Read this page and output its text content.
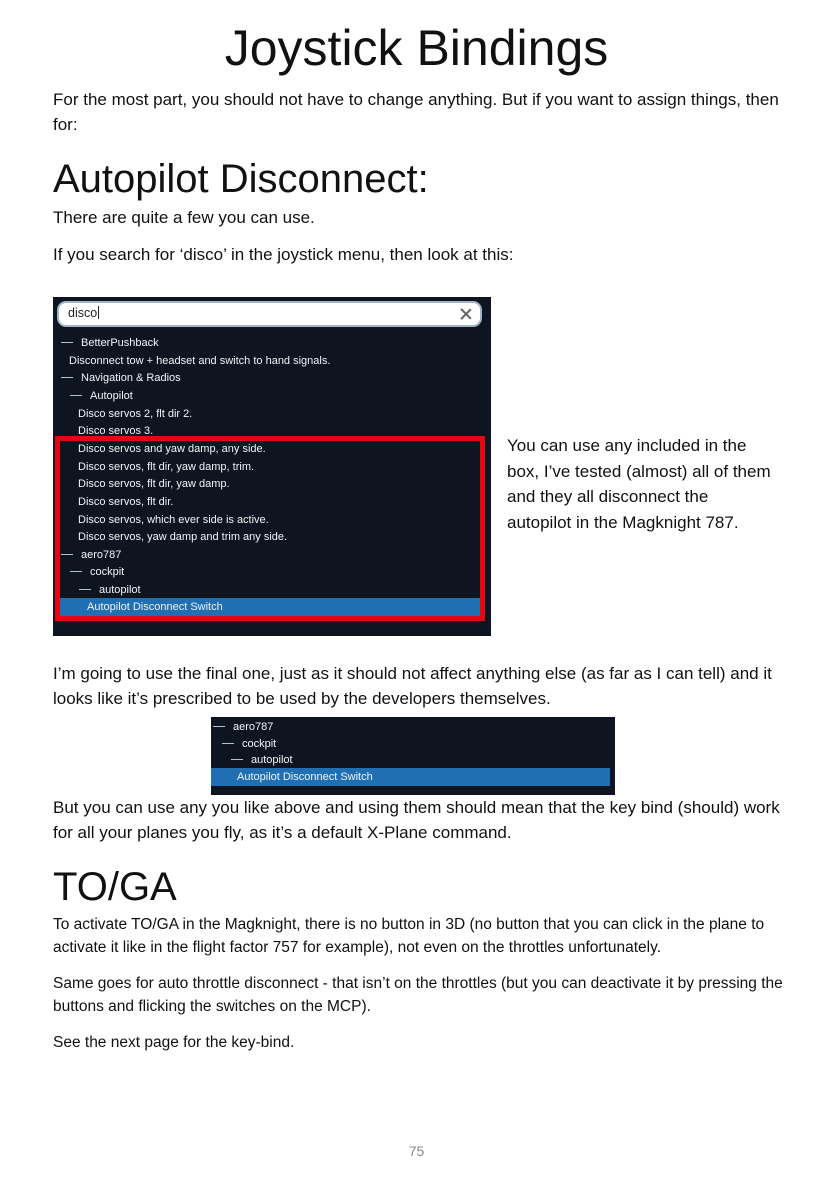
Joystick Bindings

For the most part, you should not have to change anything. But if you want to assign things, then for:

Autopilot Disconnect:

There are quite a few you can use.

If you search for ‘disco’ in the joystick menu, then look at this:

disco
BetterPushback
Disconnect tow + headset and switch to hand signals.
Navigation & Radios
Autopilot
Disco servos 2, flt dir 2.
Disco servos 3.
Disco servos and yaw damp, any side.
Disco servos, flt dir, yaw damp, trim.
Disco servos, flt dir, yaw damp.
Disco servos, flt dir.
Disco servos, which ever side is active.
Disco servos, yaw damp and trim any side.
aero787
cockpit
autopilot
Autopilot Disconnect Switch

You can use any included in the box, I’ve tested (almost) all of them and they all disconnect the autopilot in the Magknight 787.

I’m going to use the final one, just as it should not affect anything else (as far as I can tell) and it looks like it’s prescribed to be used by the developers themselves.

aero787
cockpit
autopilot
Autopilot Disconnect Switch

But you can use any you like above and using them should mean that the key bind (should) work for all your planes you fly, as it’s a default X-Plane command.

TO/GA

To activate TO/GA in the Magknight, there is no button in 3D (no button that you can click in the plane to activate it like in the flight factor 757 for example), not even on the throttles unfortunately.

Same goes for auto throttle disconnect - that isn’t on the throttles (but you can deactivate it by pressing the buttons and flicking the switches on the MCP).

See the next page for the key-bind.

75
